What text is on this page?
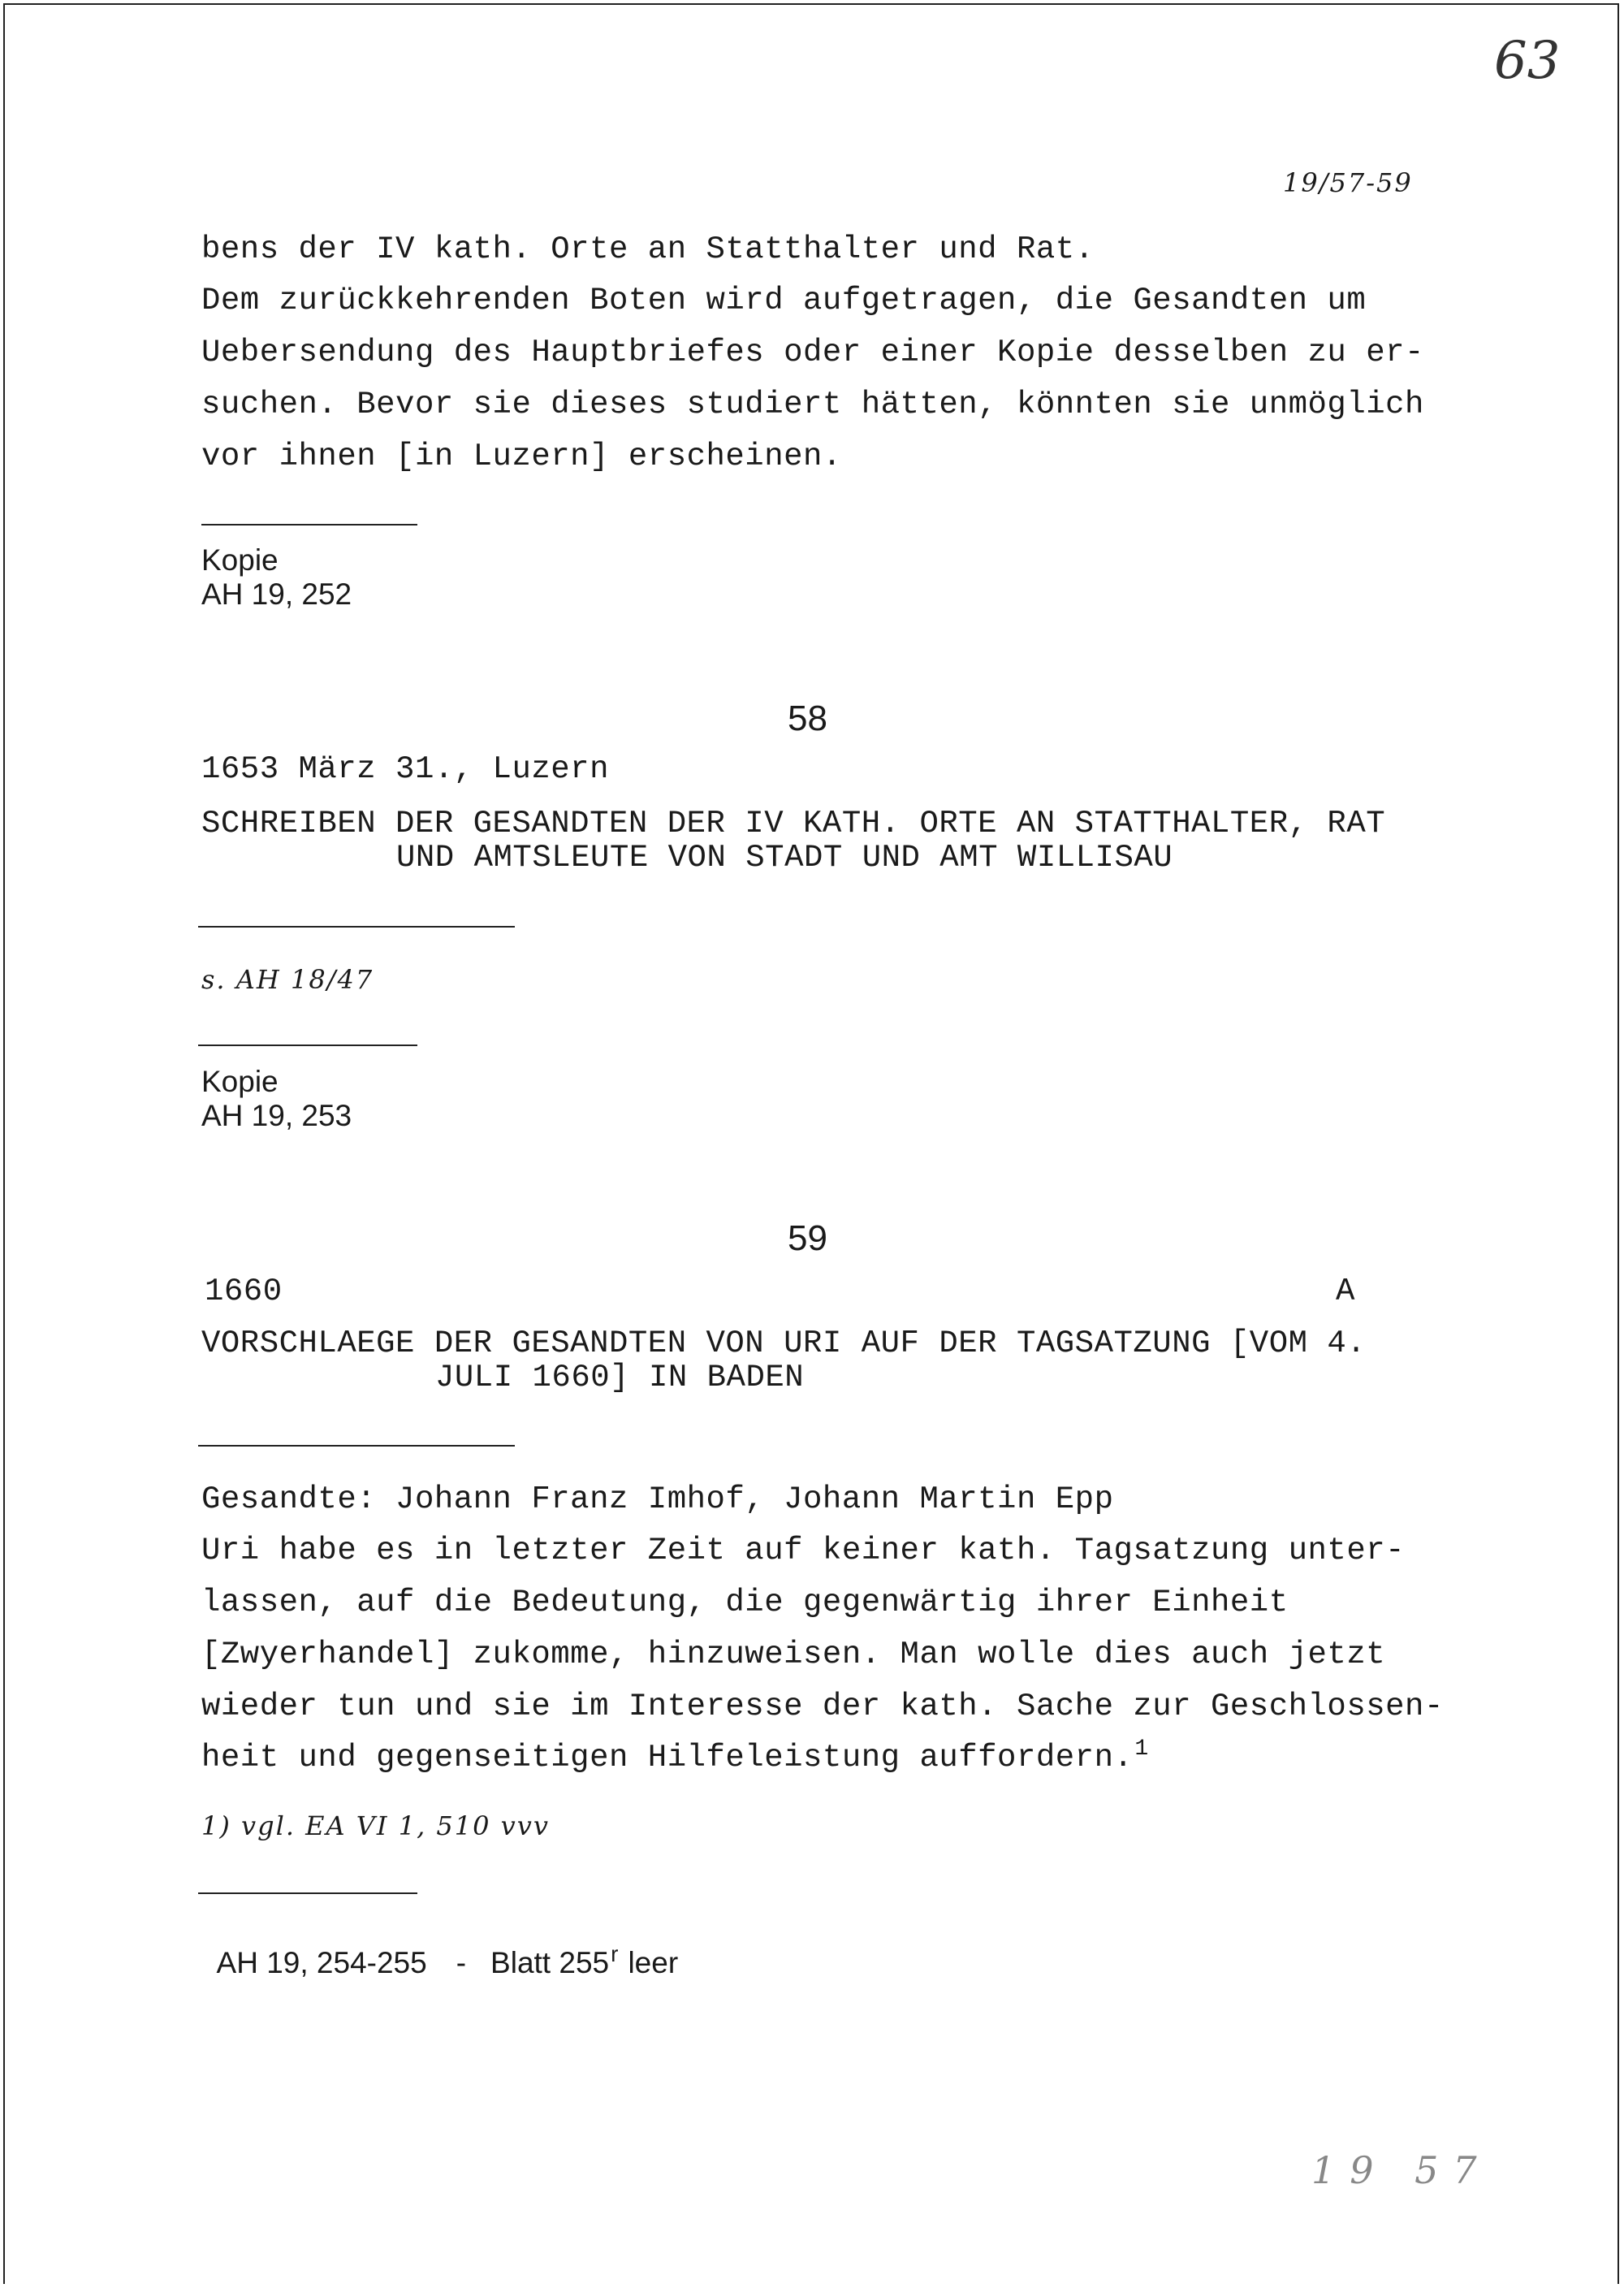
63
19 57
19/57-59
bens der IV kath. Orte an Statthalter und Rat.
Dem zurückkehrenden Boten wird aufgetragen, die Gesandten um
Uebersendung des Hauptbriefes oder einer Kopie desselben zu er-
suchen. Bevor sie dieses studiert hätten, könnten sie unmöglich
vor ihnen [in Luzern] erscheinen.
Kopie
AH 19, 252
58
1653 März 31., Luzern
SCHREIBEN DER GESANDTEN DER IV KATH. ORTE AN STATTHALTER, RAT
UND AMTSLEUTE VON STADT UND AMT WILLISAU
s. AH 18/47
Kopie
AH 19, 253
59
1660	A
VORSCHLAEGE DER GESANDTEN VON URI AUF DER TAGSATZUNG [VOM 4.
JULI 1660] IN BADEN
Gesandte: Johann Franz Imhof, Johann Martin Epp
Uri habe es in letzter Zeit auf keiner kath. Tagsatzung unter-
lassen, auf die Bedeutung, die gegenwärtig ihrer Einheit
[Zwyerhandel] zukomme, hinzuweisen. Man wolle dies auch jetzt
wieder tun und sie im Interesse der kath. Sache zur Geschlossen-
heit und gegenseitigen Hilfeleistung auffordern.$^1$
1) vgl. EA VI 1, 510 vvv

AH 19, 254-255 - Blatt 255$^r$ leer
